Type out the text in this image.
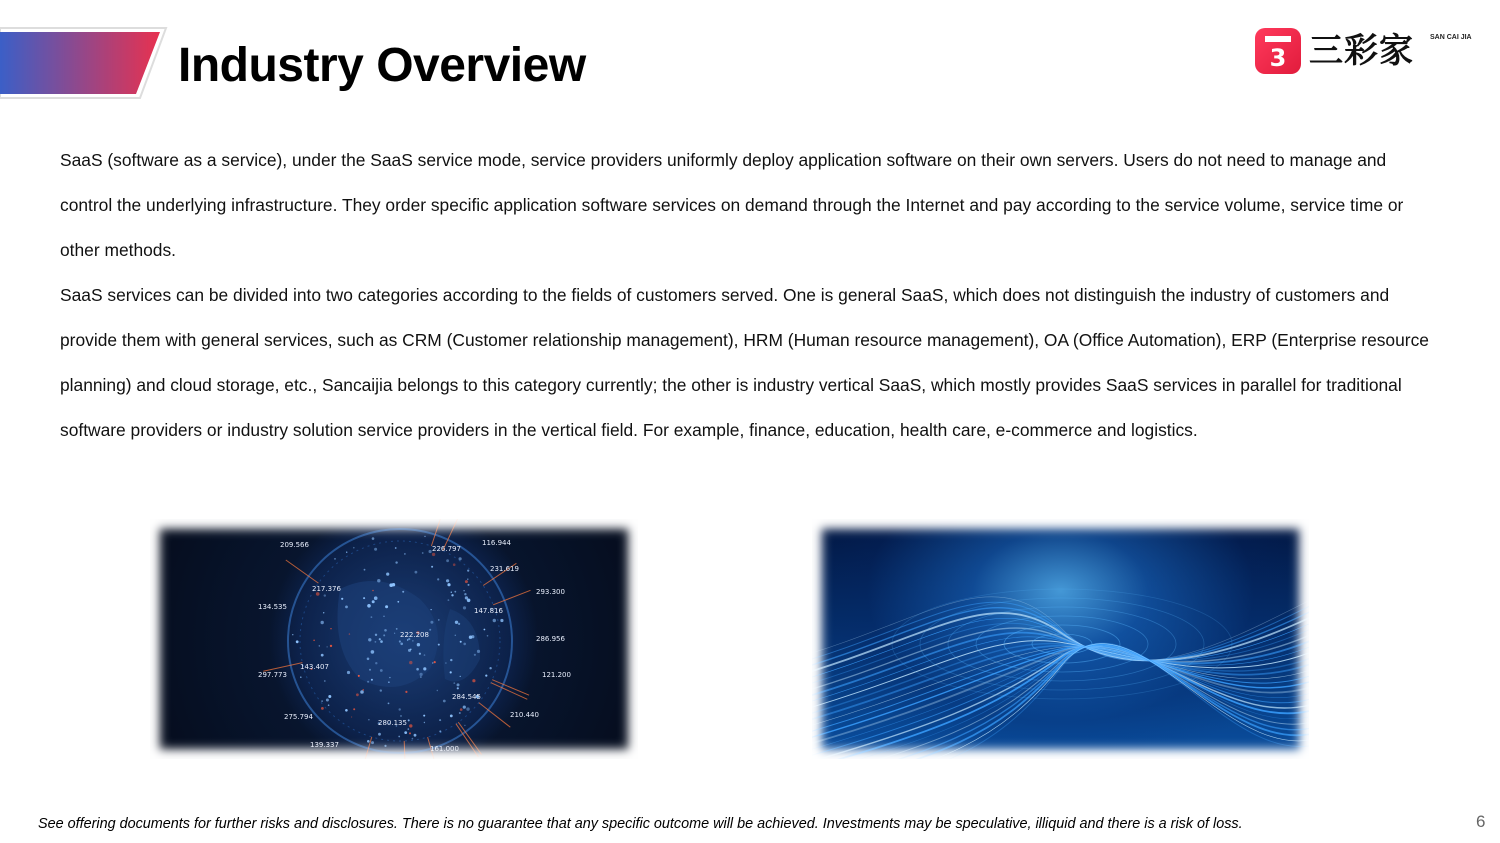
Industry Overview	3 三彩家 SAN CAI JIA

SaaS (software as a service), under the SaaS service mode, service providers uniformly deploy application software on their own servers. Users do not need to manage and control the underlying infrastructure. They order specific application software services on demand through the Internet and pay according to the service volume, service time or other methods.

SaaS services can be divided into two categories according to the fields of customers served. One is general SaaS, which does not distinguish the industry of customers and provide them with general services, such as CRM (Customer relationship management), HRM (Human resource management), OA (Office Automation), ERP (Enterprise resource planning) and cloud storage, etc., Sancaijia belongs to this category currently; the other is industry vertical SaaS, which mostly provides SaaS services in parallel for traditional software providers or industry solution service providers in the vertical field. For example, finance, education, health care, e-commerce and logistics.

209.566	226.797
116.944
231.619
217.376
134.535	147.816
222.208	286.956
143.407
297.773
284.545
275.794
280.135
139.337	161.000
121.200
210.440
293.300
See offering documents for further risks and disclosures. There is no guarantee that any specific outcome will be achieved. Investments may be speculative, illiquid and there is a risk of loss.	6
